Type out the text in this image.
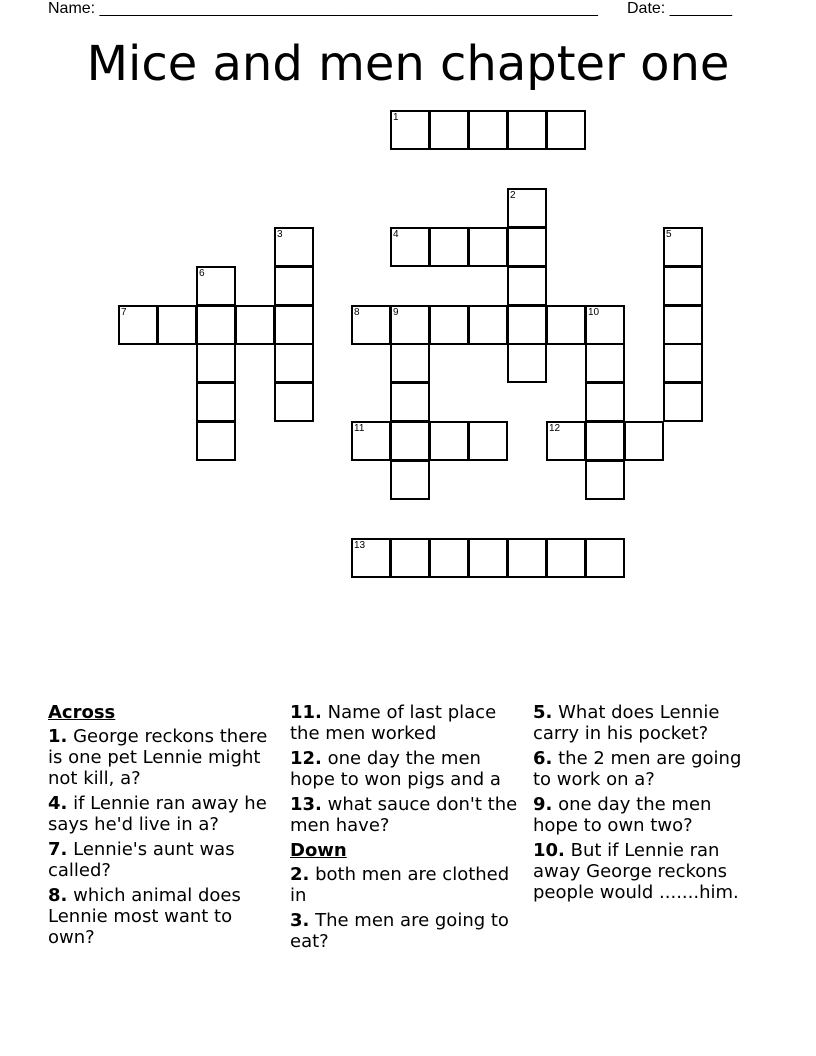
Name: ________________________________________________________ Date: _______
Mice and men chapter one
1
2
3	4	5
6
7	8	9	10
11	12
13
Across
1. George reckons there is one pet Lennie might not kill, a?
4. if Lennie ran away he says he'd live in a?
7. Lennie's aunt was called?
8. which animal does Lennie most want to own?
11. Name of last place the men worked
12. one day the men hope to won pigs and a
13. what sauce don't the men have?
Down
2. both men are clothed in
3. The men are going to eat?
5. What does Lennie carry in his pocket?
6. the 2 men are going to work on a?
9. one day the men hope to own two?
10. But if Lennie ran away George reckons people would .......him.
